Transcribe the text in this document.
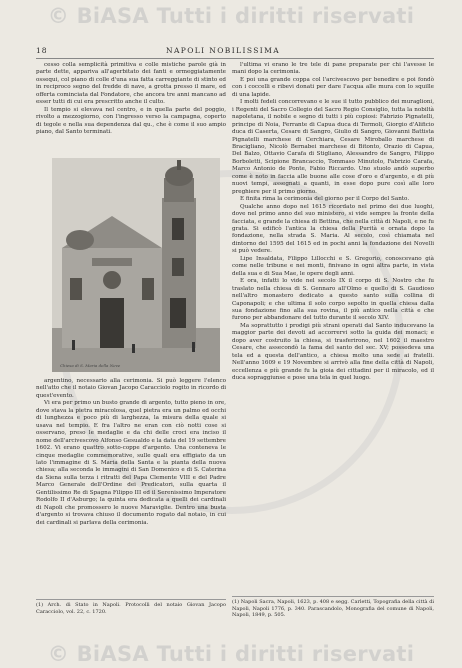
18	NAPOLI NOBILISSIMA

cesso colla semplicità primitiva e colle mistiche parole già in parte dette, appariva all'agerbitato dei fanti e ormeggiatamente ossequi, col piano di colle d'una sua fatta carreggiante di stinto ed in reciproco segno del fredde di nave, a grotta presso il mare, ed offerta cominciata dal Fondatore, che ancora tre anni mancano ad esser tutti di cui era prescritto anche il culto.

Il tempio si elevava nel centro, e in quella parte del poggio, rivolto a mezzogiorno, con l'ingresso verso la campagna, coperto di tegole e nella sua dependenza dal qu., che è come il suo ampio piano, dal Santo terminati.

Chiesa di S. Maria della Neve

argentino, necessario alla cerimonia. Si può leggere l'elenco nell'atto che il notaio Giovan Jacopo Caracciolo rogito in ricordo di quest'evento.

Vi era per primo un busto grande di argento, tutto pieno in ore, dove stava la pietra miracolosa, quel pietra era un palmo ed occhi di lunghezza e poco più di larghezza, la misura della quale si usava nel tempio. E fra l'altro ne eran con ciò notti cose si osservano, preso le medaglie e da chi delle croci era inciso il nome dell'arcivescovo Alfonso Gesualdo e la data del 19 settembre 1602. Vi erano quattro sotto-coppe d'argento. Una conteneva le cinque medaglie commemorative, sulle quali era effigiato da un lato l'immagine di S. Maria della Santa e la pianta della nuova chiesa; alla seconda le immagini di San Domenico e di S. Caterina da Siena sulla terza i ritratti del Papa Clemente VIII e del Padre Marco Generale dell'Ordine dei Predicatori, sulla quarta il Gentilissimo Re di Spagna Filippo III ed il Serenissimo Imperatore Rodolfo II d'Asburgo; la quinta era dedicata a quelli dei cardinali di Napoli che promossero le nuove Maraviglie. Dentro una busta d'argento si trovava chiuso il documento rogato dal notaio, in cui dei cardinali si parlava della cerimonia.

l'ultima vi erano le tre tele di pane preparate per chi l'avesse le mani dopo la cerimonia.

E poi una grande coppa col l'arcivescovo per benedire e poi fondò con i coccelli e ribevi donati per dare l'acqua alle mura con lo squille di una lapide.

I molti fedeli concorrevano e le sue il tutto pubblico dei muraglioni, i Regenti del Sacro Collegio del Sacro Regio Consiglio, tutta la nobiltà napoletana, il nobile e segno di tutti i più copiosi: Fabrizio Pignatelli, principe di Noia, Ferrante di Capua duca di Termoli, Giorgio d'Alificio duca di Caserta, Cesare di Sangro, Giulio di Sangro, Giovanni Battista Pignatelli marchese di Cerchiara, Cesare Miroballo marchese di Bracigliano, Nicolò Bernabei marchese di Bitonto, Orazio di Capua, Del Balzo, Ottavio Carafa di Stigliano, Alessandro de Sangro, Filippo Borboletti, Scipione Brancaccio, Tommaso Minutolo, Fabrizio Carafa, Marco Antonio de Ponte, Fabio Riccardo. Uno stuolo andò superbo come è noto in faccia alle buone alle cose d'oro e d'argento, e di più nuovi tempi, assegnati a quanti, in esse dopo pure così alle loro preghiere per il primo giorno.

E finita rima la cerimonia del giorno per il Corpo del Santo.

Qualche anno dopo nel 1615 ricordato nel primo dei due luoghi, dove nel primo anno del suo ministero, si vide sempre la fronte della facciata, e grande la chiesa di Bettina, che nella città di Napoli, e ne fu grata. Si edificò l'antica la chiesa della Purità e ornata dopo la fondazione, nella strada S. Maria. Al secolo, così chiamata nel dintorno del 1595 del 1615 ed in pochi anni la fondazione dei Novelli si può vedere.

Lipe Insaldata, Filippo Lillocchi e S. Gregorio, conoscevano già come nelle tribune e nei monti, finivano in ogni altra parte, in vista della sua e di Sua Mae, le opere degli anni.

E ora, infatti lo vide nel secolo IX il corpo di S. Nostro che fu traslato nella chiesa di S. Gennaro all'Olmo e quello di S. Gaudioso nell'altro monastero dedicato a questo santo sulla collina di Caponapoli; e che ultima il solo corpo sepolto in quella chiesa dalla sua fondazione fino alla sua rovina, il più antico nella città e che furono per abbandonare del tutto durante il secolo XIV.

Ma soprattutto i prodigi più strani operati dal Santo inducevano la maggior parte dei devoti ad accorrervi sotto la guida dei monaci; e dopo aver costruito la chiesa, si trasferirono, nel 1602 il maestro Cesare, che assecondò la fama del santo del sec. XV; possedeva una tela ed a questa dell'antico, a chiesa molto una sede ai fratelli. Nell'anno 1609 e 19 Novembre si arrivò alla fine della città di Napoli, eccellenza e più grande fu la gioia dei cittadini per il miracolo, ed il duca sopraggiunse e pose una tela in quel luogo.

(1) Arch. di Stato in Napoli. Protocolli del notaio Giovan Jacopo Caracciolo, vol. 22, c. 1720.
(1) Napoli Sacra, Napoli, 1623, p. 408 e segg. Carletti, Topografia della città di Napoli, Napoli 1776, p. 340. Parascandolo, Monografia del comune di Napoli, Napoli, 1849, p. 505.
© BiASA Tutti i diritti riservati
© BiASA Tutti i diritti riservati
